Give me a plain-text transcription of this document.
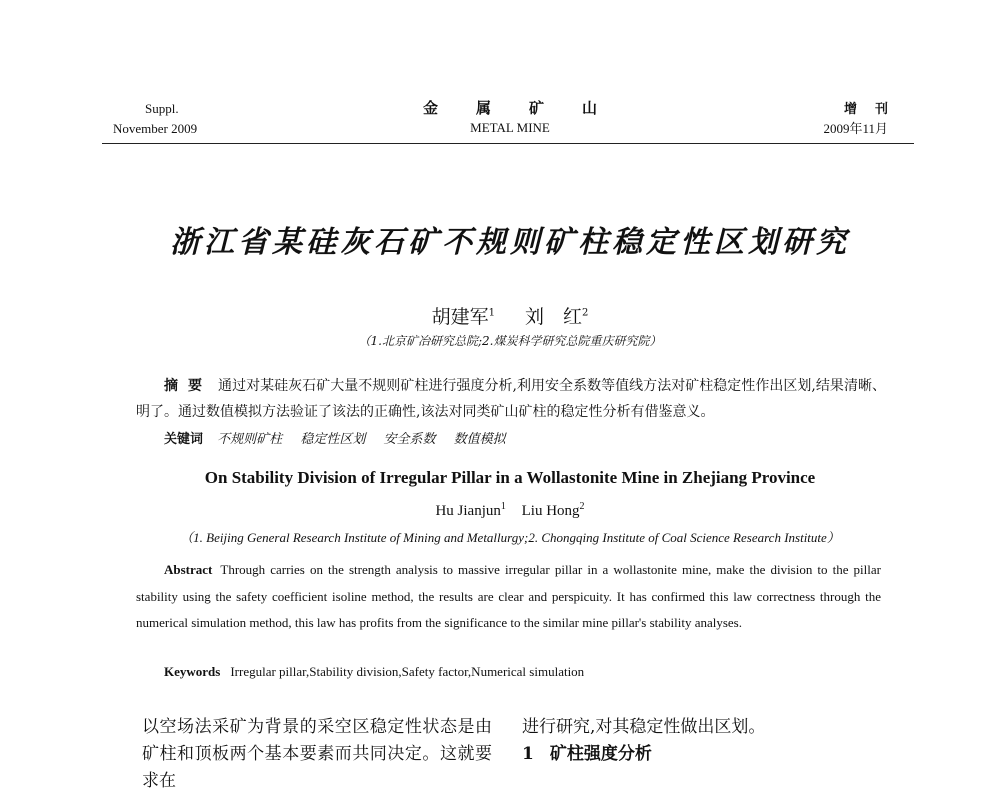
Suppl.
November 2009
金属矿山
METAL MINE
增刊
2009年11月
浙江省某硅灰石矿不规则矿柱稳定性区划研究
胡建军$^1$ 刘　红$^2$
（1.北京矿冶研究总院;2.煤炭科学研究总院重庆研究院）
摘要 通过对某硅灰石矿大量不规则矿柱进行强度分析,利用安全系数等值线方法对矿柱稳定性作出区划,结果清晰、明了。通过数值模拟方法验证了该法的正确性,该法对同类矿山矿柱的稳定性分析有借鉴意义。
关键词 不规则矿柱 稳定性区划 安全系数 数值模拟
On Stability Division of Irregular Pillar in a Wollastonite Mine in Zhejiang Province
Hu Jianjun$^1$ Liu Hong$^2$
（1. Beijing General Research Institute of Mining and Metallurgy;2. Chongqing Institute of Coal Science Research Institute）
Abstract Through carries on the strength analysis to massive irregular pillar in a wollastonite mine, make the division to the pillar stability using the safety coefficient isoline method, the results are clear and perspicuity. It has confirmed this law correctness through the numerical simulation method, this law has profits from the significance to the similar mine pillar's stability analyses.
Keywords Irregular pillar,Stability division,Safety factor,Numerical simulation
以空场法采矿为背景的采空区稳定性状态是由矿柱和顶板两个基本要素而共同决定。这就要求在
进行研究,对其稳定性做出区划。
1 矿柱强度分析
